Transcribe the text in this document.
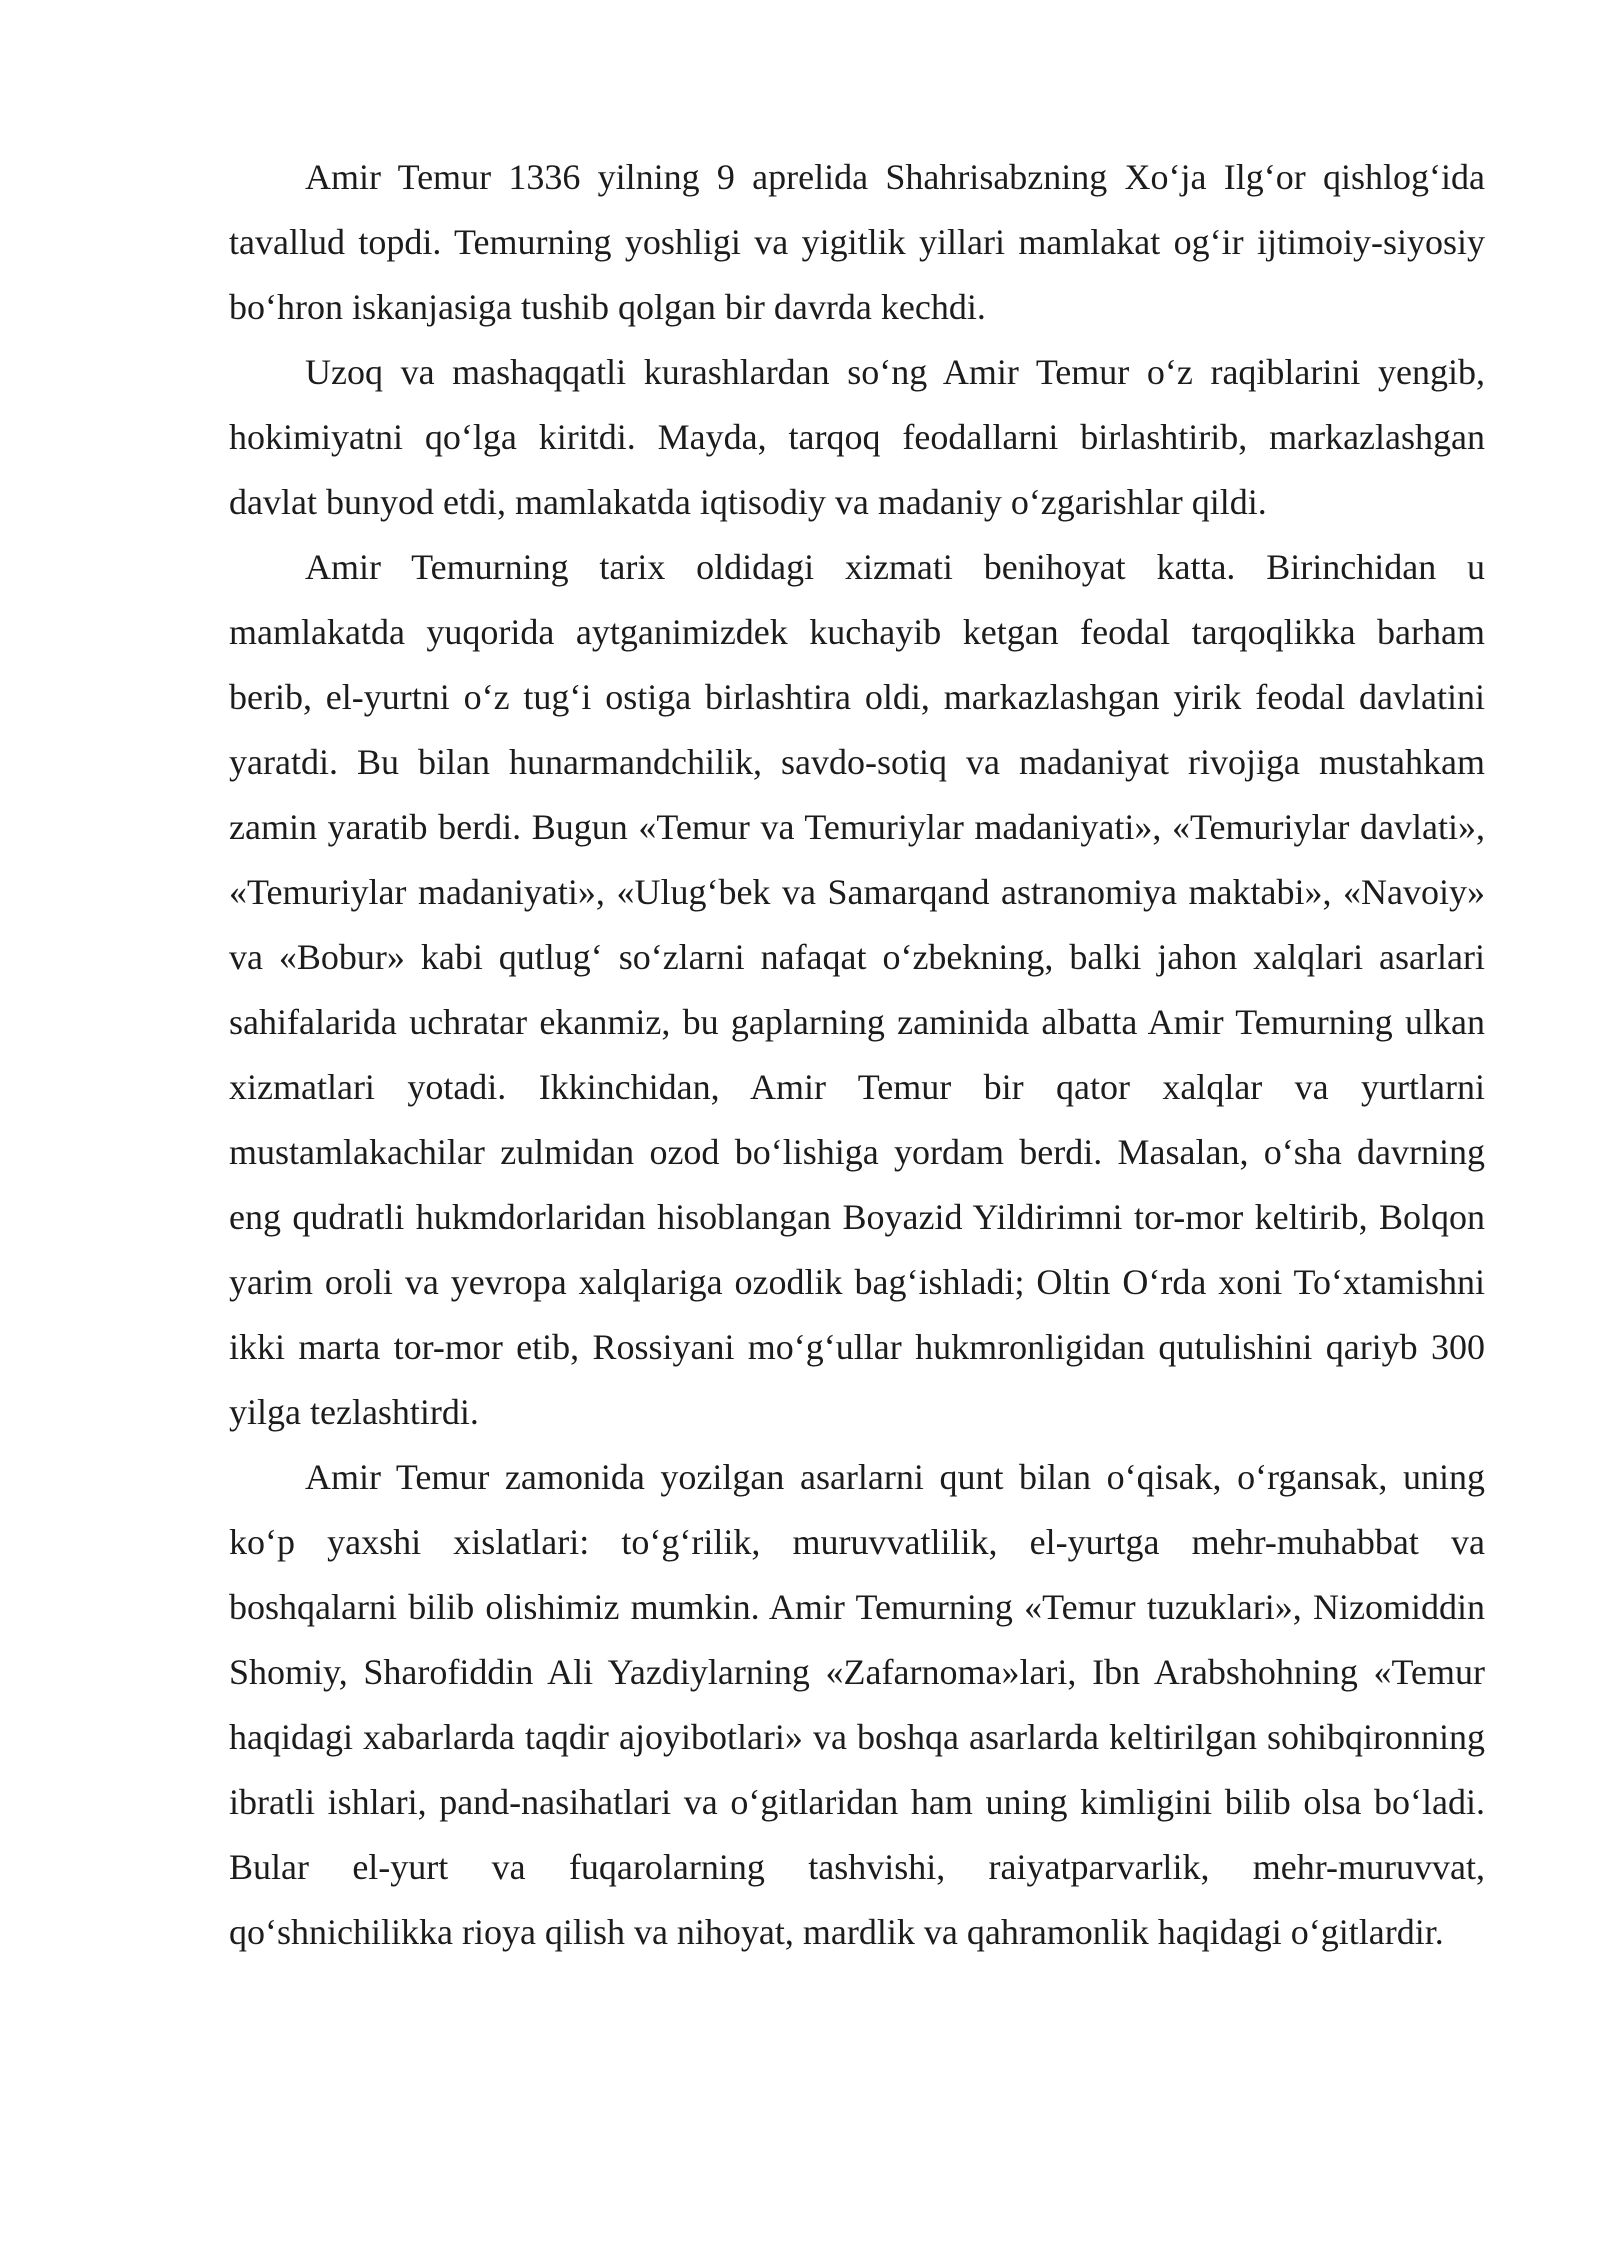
Amir Temur 1336 yilning 9 aprelida Shahrisabzning Xo‘ja Ilg‘or qishlog‘ida tavallud topdi. Temurning yoshligi va yigitlik yillari mamlakat og‘ir ijtimoiy-siyosiy bo‘hron iskanjasiga tushib qolgan bir davrda kechdi.

Uzoq va mashaqqatli kurashlardan so‘ng Amir Temur o‘z raqiblarini yengib, hokimiyatni qo‘lga kiritdi. Mayda, tarqoq feodallarni birlashtirib, markazlashgan davlat bunyod etdi, mamlakatda iqtisodiy va madaniy o‘zgarishlar qildi.

Amir Temurning tarix oldidagi xizmati benihoyat katta. Birinchidan u mamlakatda yuqorida aytganimizdek kuchayib ketgan feodal tarqoqlikka barham berib, el-yurtni o‘z tug‘i ostiga birlashtira oldi, markazlashgan yirik feodal davlatini yaratdi. Bu bilan hunarmandchilik, savdo-sotiq va madaniyat rivojiga mustahkam zamin yaratib berdi. Bugun «Temur va Temuriylar madaniyati», «Temuriylar davlati», «Temuriylar madaniyati», «Ulug‘bek va Samarqand astranomiya maktabi», «Navoiy» va «Bobur» kabi qutlug‘ so‘zlarni nafaqat o‘zbekning, balki jahon xalqlari asarlari sahifalarida uchratar ekanmiz, bu gaplarning zaminida albatta Amir Temurning ulkan xizmatlari yotadi. Ikkinchidan, Amir Temur bir qator xalqlar va yurtlarni mustamlakachilar zulmidan ozod bo‘lishiga yordam berdi. Masalan, o‘sha davrning eng qudratli hukmdorlaridan hisoblangan Boyazid Yildirimni tor-mor keltirib, Bolqon yarim oroli va yevropa xalqlariga ozodlik bag‘ishladi; Oltin O‘rda xoni To‘xtamishni ikki marta tor-mor etib, Rossiyani mo‘g‘ullar hukmronligidan qutulishini qariyb 300 yilga tezlashtirdi.

Amir Temur zamonida yozilgan asarlarni qunt bilan o‘qisak, o‘rgansak, uning ko‘p yaxshi xislatlari: to‘g‘rilik, muruvvatlilik, el-yurtga mehr-muhabbat va boshqalarni bilib olishimiz mumkin. Amir Temurning «Temur tuzuklari», Nizomiddin Shomiy, Sharofiddin Ali Yazdiylarning «Zafarnoma»lari, Ibn Arabshohning «Temur haqidagi xabarlarda taqdir ajoyibotlari» va boshqa asarlarda keltirilgan sohibqironning ibratli ishlari, pand-nasihatlari va o‘gitlaridan ham uning kimligini bilib olsa bo‘ladi. Bular el-yurt va fuqarolarning tashvishi, raiyatparvarlik, mehr-muruvvat, qo‘shnichilikka rioya qilish va nihoyat, mardlik va qahramonlik haqidagi o‘gitlardir.
